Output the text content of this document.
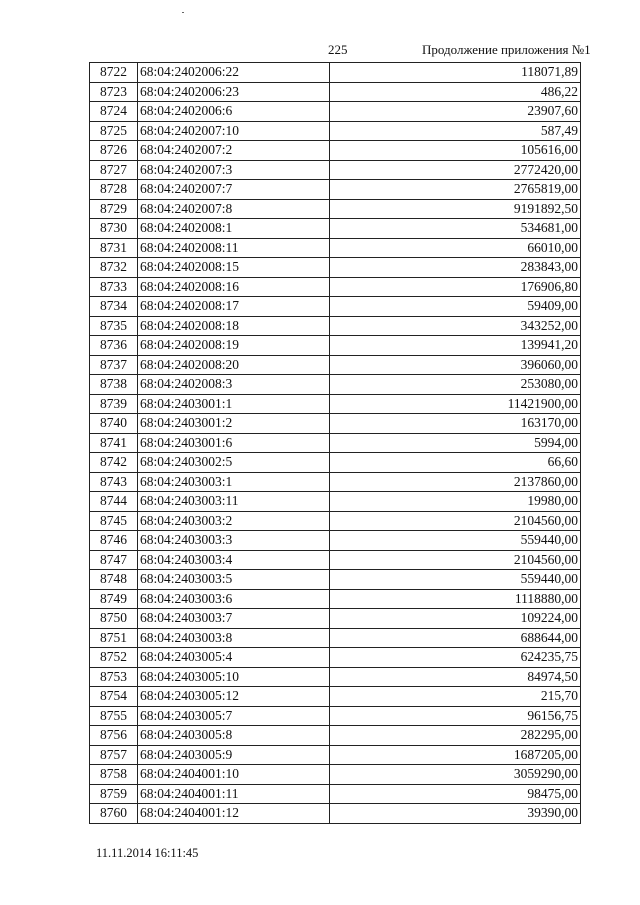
225	Продолжение приложения №1
8722	68:04:2402006:22	118071,89
8723	68:04:2402006:23	486,22
8724	68:04:2402006:6	23907,60
8725	68:04:2402007:10	587,49
8726	68:04:2402007:2	105616,00
8727	68:04:2402007:3	2772420,00
8728	68:04:2402007:7	2765819,00
8729	68:04:2402007:8	9191892,50
8730	68:04:2402008:1	534681,00
8731	68:04:2402008:11	66010,00
8732	68:04:2402008:15	283843,00
8733	68:04:2402008:16	176906,80
8734	68:04:2402008:17	59409,00
8735	68:04:2402008:18	343252,00
8736	68:04:2402008:19	139941,20
8737	68:04:2402008:20	396060,00
8738	68:04:2402008:3	253080,00
8739	68:04:2403001:1	11421900,00
8740	68:04:2403001:2	163170,00
8741	68:04:2403001:6	5994,00
8742	68:04:2403002:5	66,60
8743	68:04:2403003:1	2137860,00
8744	68:04:2403003:11	19980,00
8745	68:04:2403003:2	2104560,00
8746	68:04:2403003:3	559440,00
8747	68:04:2403003:4	2104560,00
8748	68:04:2403003:5	559440,00
8749	68:04:2403003:6	1118880,00
8750	68:04:2403003:7	109224,00
8751	68:04:2403003:8	688644,00
8752	68:04:2403005:4	624235,75
8753	68:04:2403005:10	84974,50
8754	68:04:2403005:12	215,70
8755	68:04:2403005:7	96156,75
8756	68:04:2403005:8	282295,00
8757	68:04:2403005:9	1687205,00
8758	68:04:2404001:10	3059290,00
8759	68:04:2404001:11	98475,00
8760	68:04:2404001:12	39390,00
11.11.2014 16:11:45
